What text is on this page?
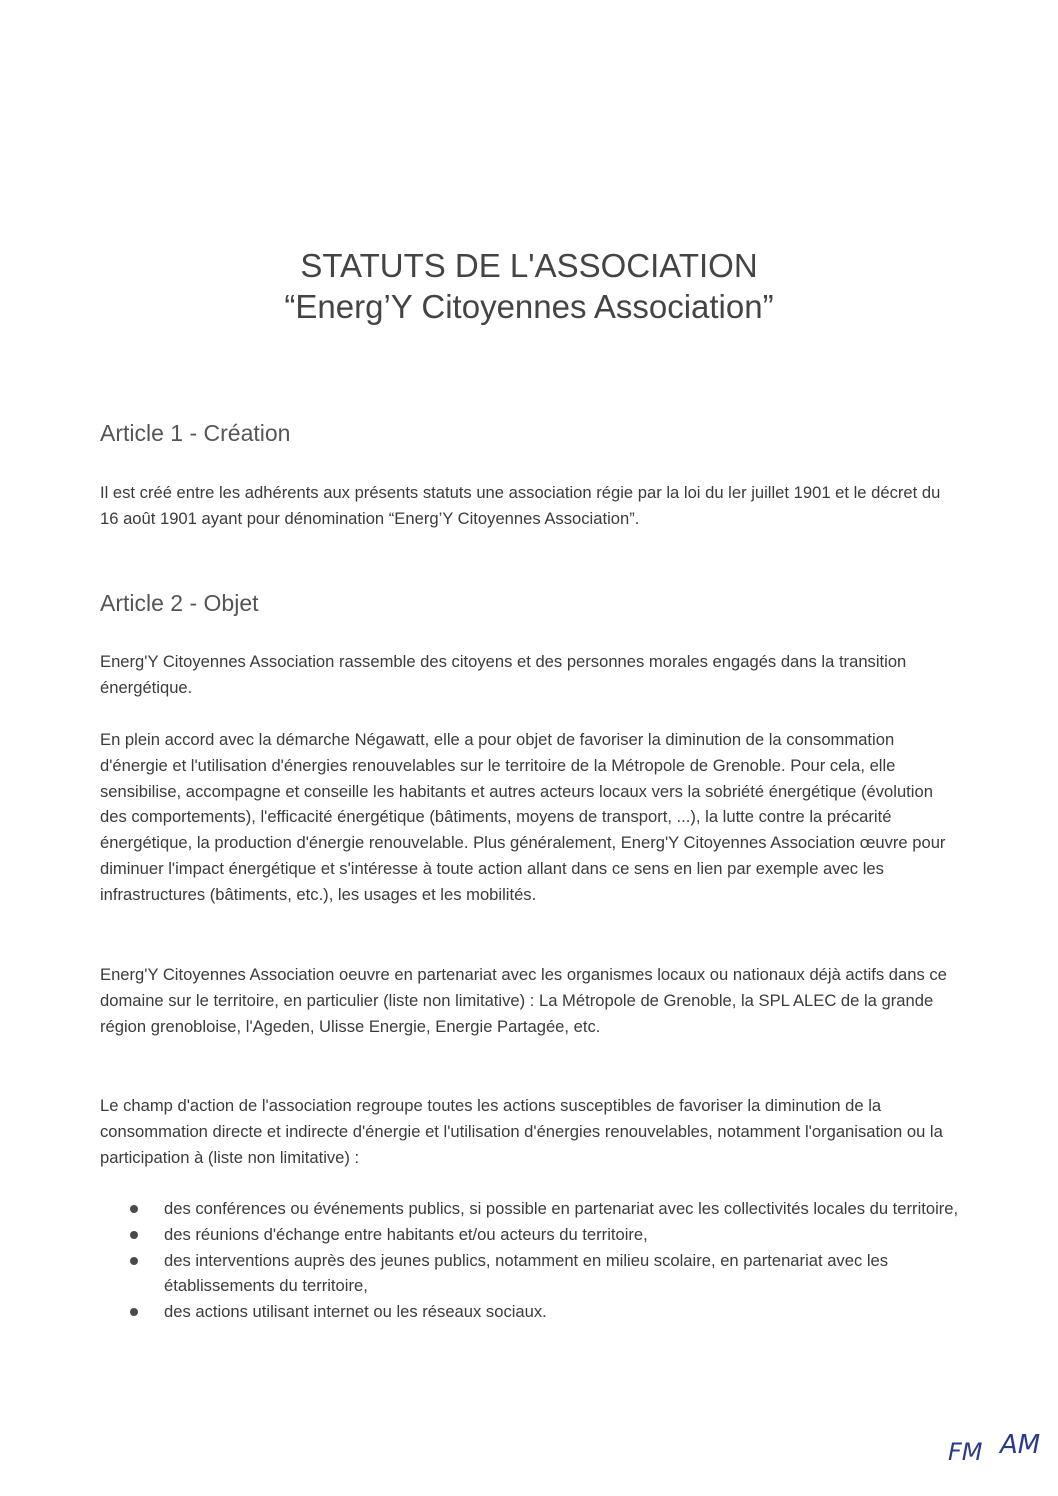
STATUTS DE L'ASSOCIATION
“Energ’Y Citoyennes Association”
Article 1 - Création

Il est créé entre les adhérents aux présents statuts une association régie par la loi du ler juillet 1901 et le décret du 16 août 1901 ayant pour dénomination “Energ’Y Citoyennes Association”.

Article 2 - Objet

Energ'Y Citoyennes Association rassemble des citoyens et des personnes morales engagés dans la transition énergétique.

En plein accord avec la démarche Négawatt, elle a pour objet de favoriser la diminution de la consommation d'énergie et l'utilisation d'énergies renouvelables sur le territoire de la Métropole de Grenoble. Pour cela, elle sensibilise, accompagne et conseille les habitants et autres acteurs locaux vers la sobriété énergétique (évolution des comportements), l'efficacité énergétique (bâtiments, moyens de transport, ...), la lutte contre la précarité énergétique, la production d'énergie renouvelable. Plus généralement, Energ'Y Citoyennes Association œuvre pour diminuer l'impact énergétique et s'intéresse à toute action allant dans ce sens en lien par exemple avec les infrastructures (bâtiments, etc.), les usages et les mobilités.

Energ'Y Citoyennes Association oeuvre en partenariat avec les organismes locaux ou nationaux déjà actifs dans ce domaine sur le territoire, en particulier (liste non limitative) : La Métropole de Grenoble, la SPL ALEC de la grande région grenobloise, l'Ageden, Ulisse Energie, Energie Partagée, etc.

Le champ d'action de l'association regroupe toutes les actions susceptibles de favoriser la diminution de la consommation directe et indirecte d'énergie et l'utilisation d'énergies renouvelables, notamment l'organisation ou la participation à (liste non limitative) :

des conférences ou événements publics, si possible en partenariat avec les collectivités locales du territoire,
des réunions d'échange entre habitants et/ou acteurs du territoire,
des interventions auprès des jeunes publics, notamment en milieu scolaire, en partenariat avec les établissements du territoire,
des actions utilisant internet ou les réseaux sociaux.
FM AM
